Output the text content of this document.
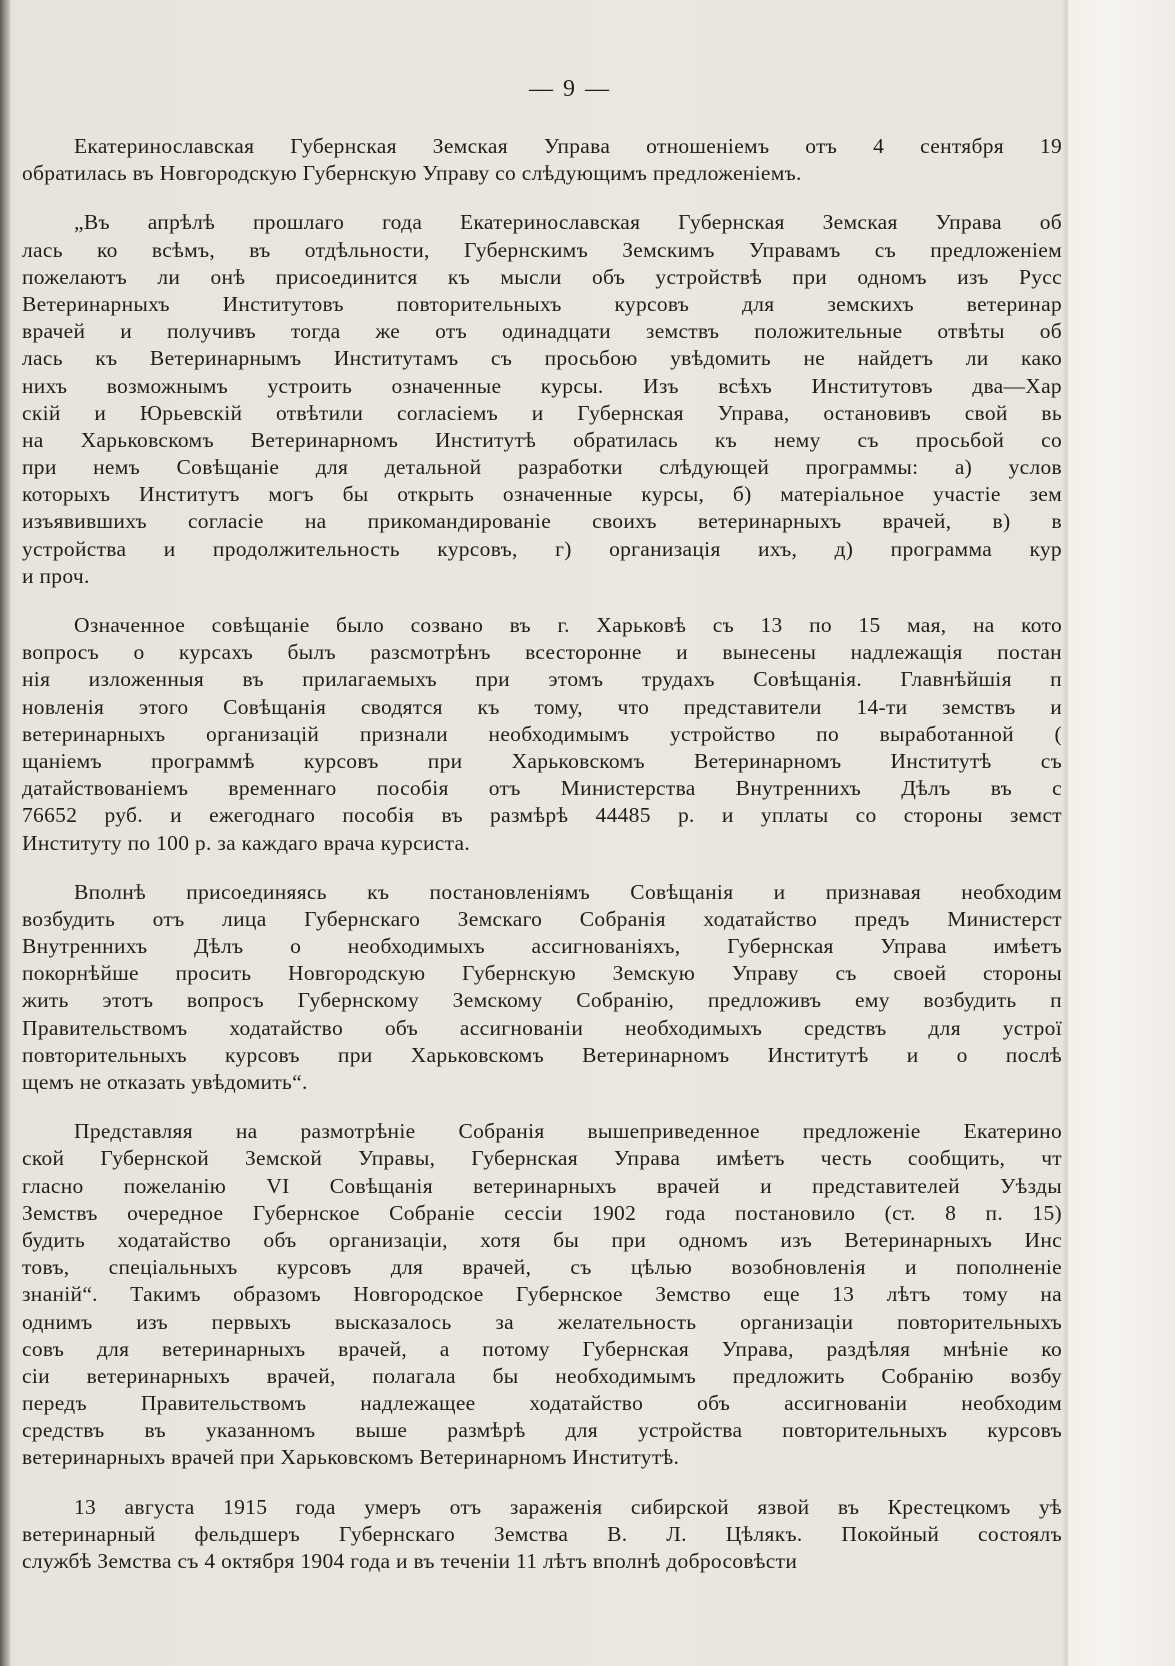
— 9 —
Екатеринославская Губернская Земская Управа отношеніемъ отъ 4 сентября 19
обратилась въ Новгородскую Губернскую Управу со слѣдующимъ предложеніемъ.
„Въ апрѣлѣ прошлаго года Екатеринославская Губернская Земская Управа об
лась ко всѣмъ, въ отдѣльности, Губернскимъ Земскимъ Управамъ съ предложеніем
пожелаютъ ли онѣ присоединится къ мысли объ устройствѣ при одномъ изъ Русс
Ветеринарныхъ Институтовъ повторительныхъ курсовъ для земскихъ ветеринар
врачей и получивъ тогда же отъ одинадцати земствъ положительные отвѣты об
лась къ Ветеринарнымъ Институтамъ съ просьбою увѣдомить не найдетъ ли како
нихъ возможнымъ устроить означенные курсы. Изъ всѣхъ Институтовъ два—Хар
скій и Юрьевскій отвѣтили согласіемъ и Губернская Управа, остановивъ свой вь
на Харьковскомъ Ветеринарномъ Институтѣ обратилась къ нему съ просьбой со
при немъ Совѣщаніе для детальной разработки слѣдующей программы: а) услов
которыхъ Институтъ могъ бы открыть означенные курсы, б) матеріальное участіе зем
изъявившихъ согласіе на прикомандированіе своихъ ветеринарныхъ врачей, в) в
устройства и продолжительность курсовъ, г) организація ихъ, д) программа кур
и проч.
Означенное совѣщаніе было созвано въ г. Харьковѣ съ 13 по 15 мая, на кото
вопросъ о курсахъ былъ разсмотрѣнъ всесторонне и вынесены надлежащія постан
нія изложенныя въ прилагаемыхъ при этомъ трудахъ Совѣщанія. Главнѣйшія п
новленія этого Совѣщанія сводятся къ тому, что представители 14-ти земствъ и
ветеринарныхъ организацій признали необходимымъ устройство по выработанной (
щаніемъ программѣ курсовъ при Харьковскомъ Ветеринарномъ Институтѣ съ
датайствованіемъ временнаго пособія отъ Министерства Внутреннихъ Дѣлъ въ с
76652 руб. и ежегоднаго пособія въ размѣрѣ 44485 р. и уплаты со стороны земст
Институту по 100 р. за каждаго врача курсиста.
Вполнѣ присоединяясь къ постановленіямъ Совѣщанія и признавая необходим
возбудить отъ лица Губернскаго Земскаго Собранія ходатайство предъ Министерст
Внутреннихъ Дѣлъ о необходимыхъ ассигнованіяхъ, Губернская Управа имѣетъ
покорнѣйше просить Новгородскую Губернскую Земскую Управу съ своей стороны
жить этотъ вопросъ Губернскому Земскому Собранію, предложивъ ему возбудить п
Правительствомъ ходатайство объ ассигнованіи необходимыхъ средствъ для устрої
повторительныхъ курсовъ при Харьковскомъ Ветеринарномъ Институтѣ и о послѣ
щемъ не отказать увѣдомить“.
Представляя на размотрѣніе Собранія вышеприведенное предложеніе Екатерино
ской Губернской Земской Управы, Губернская Управа имѣетъ честь сообщить, чт
гласно пожеланію VI Совѣщанія ветеринарныхъ врачей и представителей Уѣзды
Земствъ очередное Губернское Собраніе сессіи 1902 года постановило (ст. 8 п. 15)
будить ходатайство объ организаціи, хотя бы при одномъ изъ Ветеринарныхъ Инс
товъ, спеціальныхъ курсовъ для врачей, съ цѣлью возобновленія и пополненіе
знаній“. Такимъ образомъ Новгородское Губернское Земство еще 13 лѣтъ тому на
однимъ изъ первыхъ высказалось за желательность организаціи повторительныхъ
совъ для ветеринарныхъ врачей, а потому Губернская Управа, раздѣляя мнѣніе ко
сіи ветеринарныхъ врачей, полагала бы необходимымъ предложить Собранію возбу
передъ Правительствомъ надлежащее ходатайство объ ассигнованіи необходим
средствъ въ указанномъ выше размѣрѣ для устройства повторительныхъ курсовъ
ветеринарныхъ врачей при Харьковскомъ Ветеринарномъ Институтѣ.
13 августа 1915 года умеръ отъ зараженія сибирской язвой въ Крестецкомъ уѣ
ветеринарный фельдшеръ Губернскаго Земства В. Л. Цѣлякъ. Покойный состоялъ
службѣ Земства съ 4 октября 1904 года и въ теченіи 11 лѣтъ вполнѣ добросовѣсти
